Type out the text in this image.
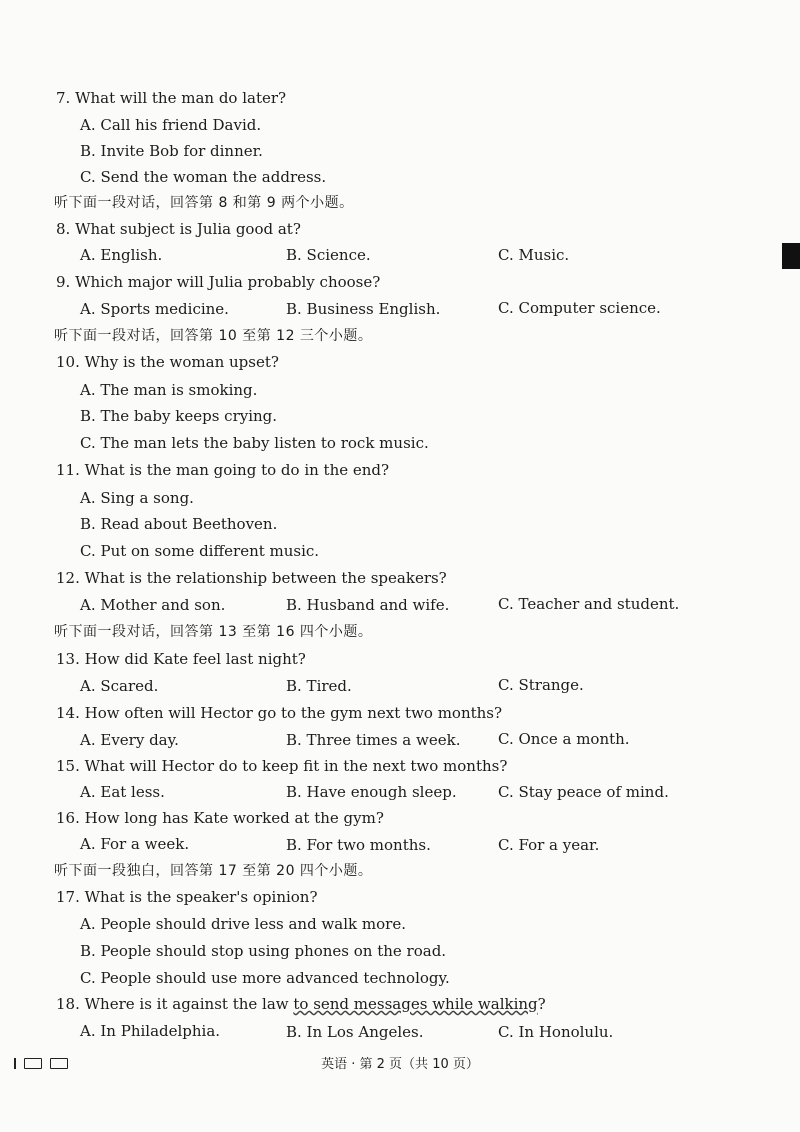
7. What will the man do later?
A. Call his friend David.
B. Invite Bob for dinner.
C. Send the woman the address.
听下面一段对话，回答第 8 和第 9 两个小题。
8. What subject is Julia good at?
A. English.	B. Science.	C. Music.
9. Which major will Julia probably choose?
A. Sports medicine.	B. Business English.	C. Computer science.
听下面一段对话，回答第 10 至第 12 三个小题。
10. Why is the woman upset?
A. The man is smoking.
B. The baby keeps crying.
C. The man lets the baby listen to rock music.
11. What is the man going to do in the end?
A. Sing a song.
B. Read about Beethoven.
C. Put on some different music.
12. What is the relationship between the speakers?
A. Mother and son.	B. Husband and wife.	C. Teacher and student.
听下面一段对话，回答第 13 至第 16 四个小题。
13. How did Kate feel last night?
A. Scared.	B. Tired.	C. Strange.
14. How often will Hector go to the gym next two months?
A. Every day.	B. Three times a week.	C. Once a month.
15. What will Hector do to keep fit in the next two months?
A. Eat less.	B. Have enough sleep.	C. Stay peace of mind.
16. How long has Kate worked at the gym?
A. For a week.	B. For two months.	C. For a year.
听下面一段独白，回答第 17 至第 20 四个小题。
17. What is the speaker's opinion?
A. People should drive less and walk more.
B. People should stop using phones on the road.
C. People should use more advanced technology.
18. Where is it against the law to send messages while walking?
A. In Philadelphia.	B. In Los Angeles.	C. In Honolulu.
英语 · 第 2 页（共 10 页）
